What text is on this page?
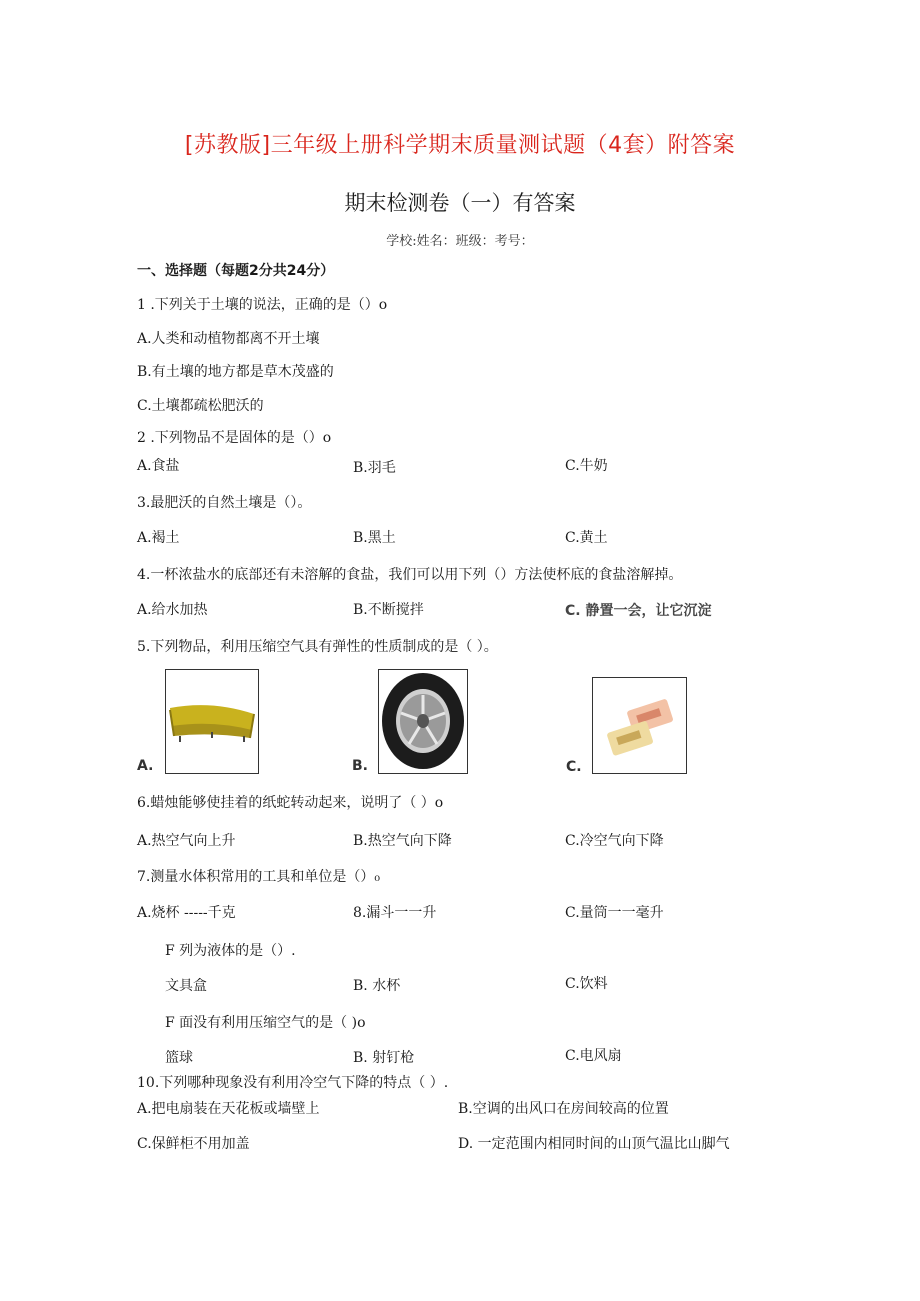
[苏教版]三年级上册科学期末质量测试题（4套）附答案
期末检测卷（一）有答案
学校:姓名：班级：考号：
一、选择题（每题2分共24分）
1 .下列关于土壤的说法，正确的是（）o
A.人类和动植物都离不开土壤
B.有土壤的地方都是草木茂盛的
C.土壤都疏松肥沃的
2 .下列物品不是固体的是（）o
A.食盐	B.羽毛	C.牛奶
3.最肥沃的自然土壤是（）。
A.褐土	B.黑土	C.黄土
4.一杯浓盐水的底部还有未溶解的食盐，我们可以用下列（）方法使杯底的食盐溶解掉。
A.给水加热	B.不断搅拌	C. 静置一会，让它沉淀
5.下列物品，利用压缩空气具有弹性的性质制成的是（ ）。
A.	B.	C.
6.蜡烛能够使挂着的纸蛇转动起来，说明了（ ）o
A.热空气向上升	B.热空气向下降	C.冷空气向下降
7.测量水体积常用的工具和单位是（）₀
A.烧杯 -----千克	8.漏斗一一升	C.量筒一一毫升
F 列为液体的是（）.
文具盒	B. 水杯	C.饮料
F 面没有利用压缩空气的是（ )o
篮球	B. 射钉枪	C.电风扇
10.下列哪种现象没有利用冷空气下降的特点（ ）.
A.把电扇装在天花板或墙壁上	B.空调的出风口在房间较高的位置
C.保鲜柜不用加盖	D. 一定范围内相同时间的山顶气温比山脚气
